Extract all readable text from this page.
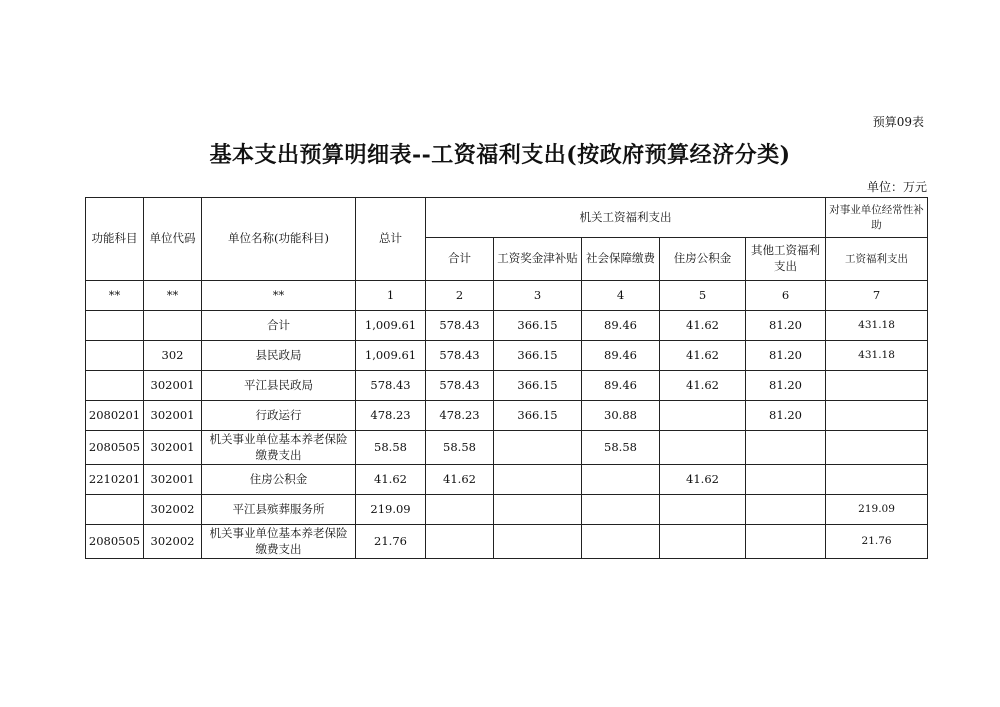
预算09表
基本支出预算明细表--工资福利支出(按政府预算经济分类)
单位：万元
功能科目	单位代码	单位名称(功能科目)	总计	机关工资福利支出					对事业单位经常性补助
				合计	工资奖金津补贴	社会保障缴费	住房公积金	其他工资福利支出	工资福利支出
**	**	**	1	2	3	4	5	6	7
		合计	1,009.61	578.43	366.15	89.46	41.62	81.20	431.18
	302	县民政局	1,009.61	578.43	366.15	89.46	41.62	81.20	431.18
	302001	平江县民政局	578.43	578.43	366.15	89.46	41.62	81.20	
2080201	302001	行政运行	478.23	478.23	366.15	30.88		81.20	
2080505	302001	机关事业单位基本养老保险缴费支出	58.58	58.58		58.58			
2210201	302001	住房公积金	41.62	41.62			41.62		
	302002	平江县殡葬服务所	219.09						219.09
2080505	302002	机关事业单位基本养老保险缴费支出	21.76						21.76
